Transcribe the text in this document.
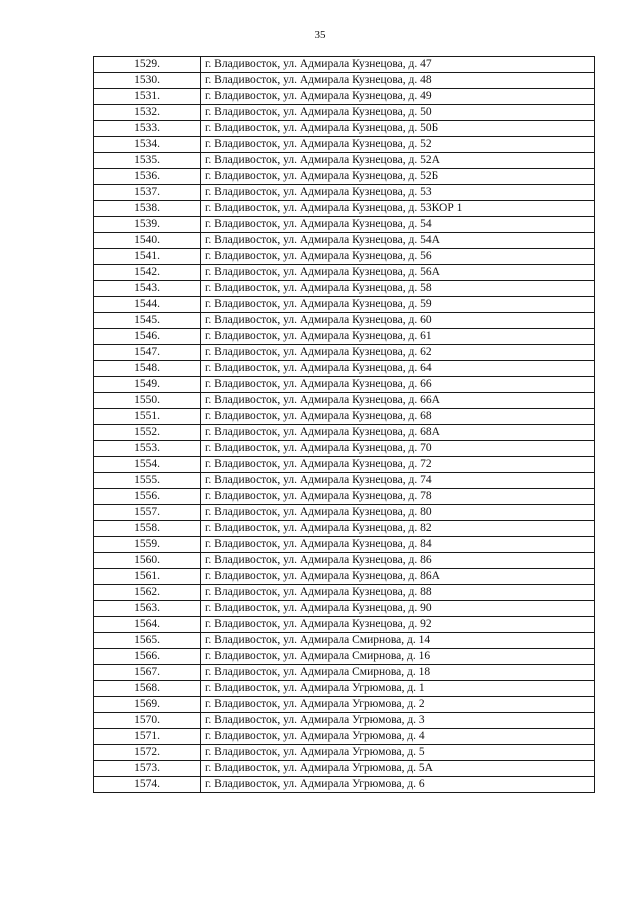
35
1529.	г. Владивосток, ул. Адмирала Кузнецова, д. 47
1530.	г. Владивосток, ул. Адмирала Кузнецова, д. 48
1531.	г. Владивосток, ул. Адмирала Кузнецова, д. 49
1532.	г. Владивосток, ул. Адмирала Кузнецова, д. 50
1533.	г. Владивосток, ул. Адмирала Кузнецова, д. 50Б
1534.	г. Владивосток, ул. Адмирала Кузнецова, д. 52
1535.	г. Владивосток, ул. Адмирала Кузнецова, д. 52А
1536.	г. Владивосток, ул. Адмирала Кузнецова, д. 52Б
1537.	г. Владивосток, ул. Адмирала Кузнецова, д. 53
1538.	г. Владивосток, ул. Адмирала Кузнецова, д. 53КОР 1
1539.	г. Владивосток, ул. Адмирала Кузнецова, д. 54
1540.	г. Владивосток, ул. Адмирала Кузнецова, д. 54А
1541.	г. Владивосток, ул. Адмирала Кузнецова, д. 56
1542.	г. Владивосток, ул. Адмирала Кузнецова, д. 56А
1543.	г. Владивосток, ул. Адмирала Кузнецова, д. 58
1544.	г. Владивосток, ул. Адмирала Кузнецова, д. 59
1545.	г. Владивосток, ул. Адмирала Кузнецова, д. 60
1546.	г. Владивосток, ул. Адмирала Кузнецова, д. 61
1547.	г. Владивосток, ул. Адмирала Кузнецова, д. 62
1548.	г. Владивосток, ул. Адмирала Кузнецова, д. 64
1549.	г. Владивосток, ул. Адмирала Кузнецова, д. 66
1550.	г. Владивосток, ул. Адмирала Кузнецова, д. 66А
1551.	г. Владивосток, ул. Адмирала Кузнецова, д. 68
1552.	г. Владивосток, ул. Адмирала Кузнецова, д. 68А
1553.	г. Владивосток, ул. Адмирала Кузнецова, д. 70
1554.	г. Владивосток, ул. Адмирала Кузнецова, д. 72
1555.	г. Владивосток, ул. Адмирала Кузнецова, д. 74
1556.	г. Владивосток, ул. Адмирала Кузнецова, д. 78
1557.	г. Владивосток, ул. Адмирала Кузнецова, д. 80
1558.	г. Владивосток, ул. Адмирала Кузнецова, д. 82
1559.	г. Владивосток, ул. Адмирала Кузнецова, д. 84
1560.	г. Владивосток, ул. Адмирала Кузнецова, д. 86
1561.	г. Владивосток, ул. Адмирала Кузнецова, д. 86А
1562.	г. Владивосток, ул. Адмирала Кузнецова, д. 88
1563.	г. Владивосток, ул. Адмирала Кузнецова, д. 90
1564.	г. Владивосток, ул. Адмирала Кузнецова, д. 92
1565.	г. Владивосток, ул. Адмирала Смирнова, д. 14
1566.	г. Владивосток, ул. Адмирала Смирнова, д. 16
1567.	г. Владивосток, ул. Адмирала Смирнова, д. 18
1568.	г. Владивосток, ул. Адмирала Угрюмова, д. 1
1569.	г. Владивосток, ул. Адмирала Угрюмова, д. 2
1570.	г. Владивосток, ул. Адмирала Угрюмова, д. 3
1571.	г. Владивосток, ул. Адмирала Угрюмова, д. 4
1572.	г. Владивосток, ул. Адмирала Угрюмова, д. 5
1573.	г. Владивосток, ул. Адмирала Угрюмова, д. 5А
1574.	г. Владивосток, ул. Адмирала Угрюмова, д. 6
